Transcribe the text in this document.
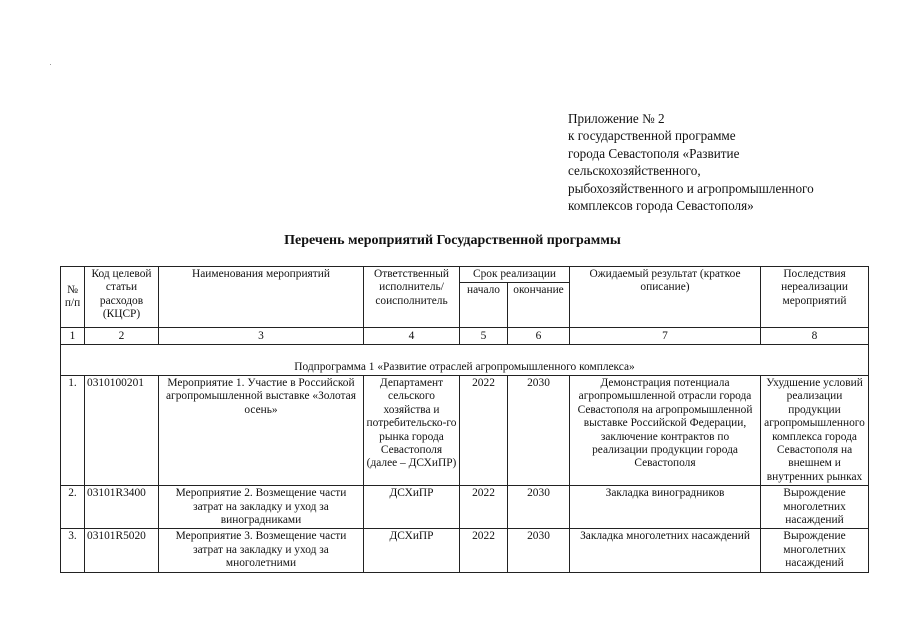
Приложение № 2
к государственной программе
города Севастополя «Развитие
сельскохозяйственного,
рыбохозяйственного и агропромышленного
комплексов города Севастополя»
Перечень мероприятий Государственной программы
№ п/п	Код целевой статьи расходов (КЦСР)	Наименования мероприятий	Ответственный исполнитель/ соисполнитель	Срок реализации		Ожидаемый результат (краткое описание)	Последствия нереализации мероприятий
				начало	окончание		
1	2	3	4	5	6	7	8

Подпрограмма 1 «Развитие отраслей агропромышленного комплекса»							
1.	0310100201	Мероприятие 1. Участие в Российской агропромышленной выставке «Золотая осень»	Департамент сельского хозяйства и потребительско-го рынка города Севастополя (далее – ДСХиПР)	2022	2030	Демонстрация потенциала агропромышленной отрасли города Севастополя на агропромышленной выставке Российской Федерации, заключение контрактов по реализации продукции города Севастополя	Ухудшение условий реализации продукции агропромышленного комплекса города Севастополя на внешнем и внутренних рынках
2.	03101R3400	Мероприятие 2. Возмещение части затрат на закладку и уход за виноградниками	ДСХиПР	2022	2030	Закладка виноградников	Вырождение многолетних насаждений
3.	03101R5020	Мероприятие 3. Возмещение части затрат на закладку и уход за многолетними	ДСХиПР	2022	2030	Закладка многолетних насаждений	Вырождение многолетних насаждений
